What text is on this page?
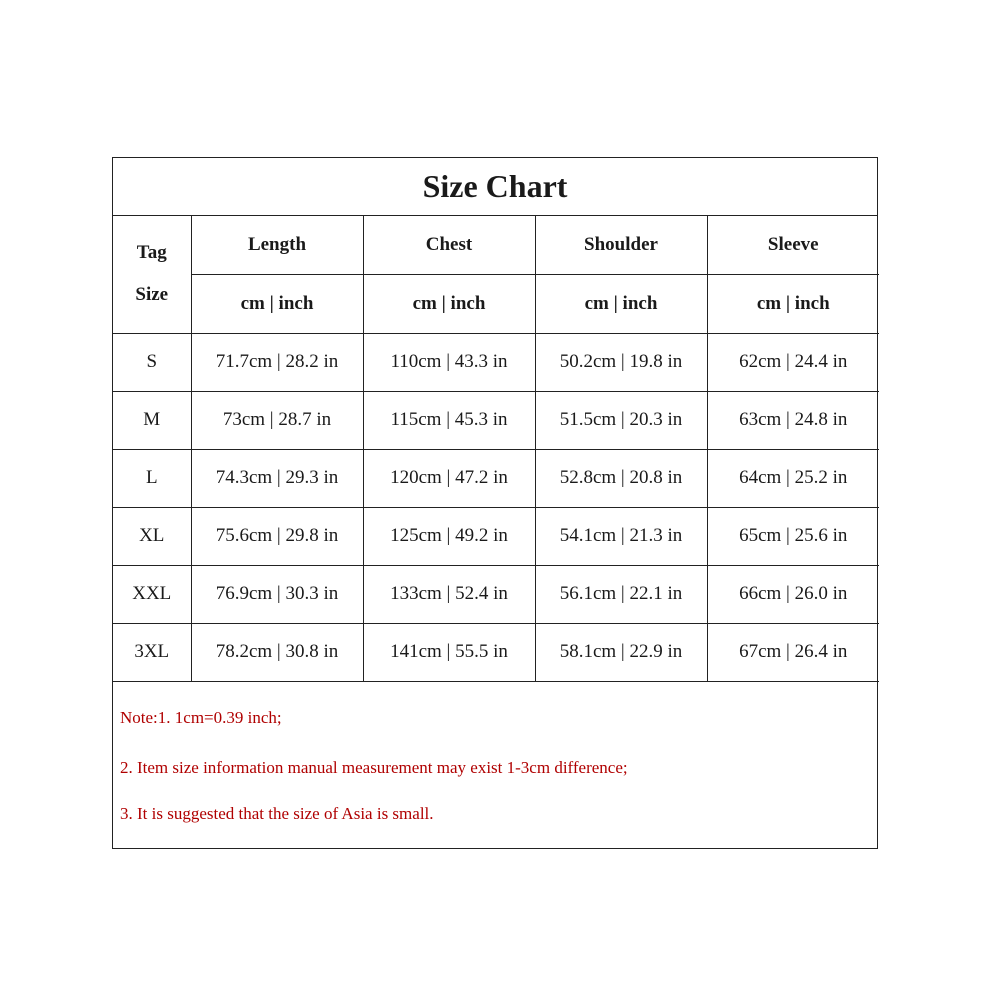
Size Chart
Tag
Size	Length	Chest	Shoulder	Sleeve
	cm | inch	cm | inch	cm | inch	cm | inch
S	71.7cm | 28.2 in	110cm | 43.3 in	50.2cm | 19.8 in	62cm | 24.4 in
M	73cm | 28.7 in	115cm | 45.3 in	51.5cm | 20.3 in	63cm | 24.8 in
L	74.3cm | 29.3 in	120cm | 47.2 in	52.8cm | 20.8 in	64cm | 25.2 in
XL	75.6cm | 29.8 in	125cm | 49.2 in	54.1cm | 21.3 in	65cm | 25.6 in
XXL	76.9cm | 30.3 in	133cm | 52.4 in	56.1cm | 22.1 in	66cm | 26.0 in
3XL	78.2cm | 30.8 in	141cm | 55.5 in	58.1cm | 22.9 in	67cm | 26.4 in
Note:1. 1cm=0.39 inch;
2. Item size information manual measurement may exist 1-3cm difference;
3. It is suggested that the size of Asia is small.
